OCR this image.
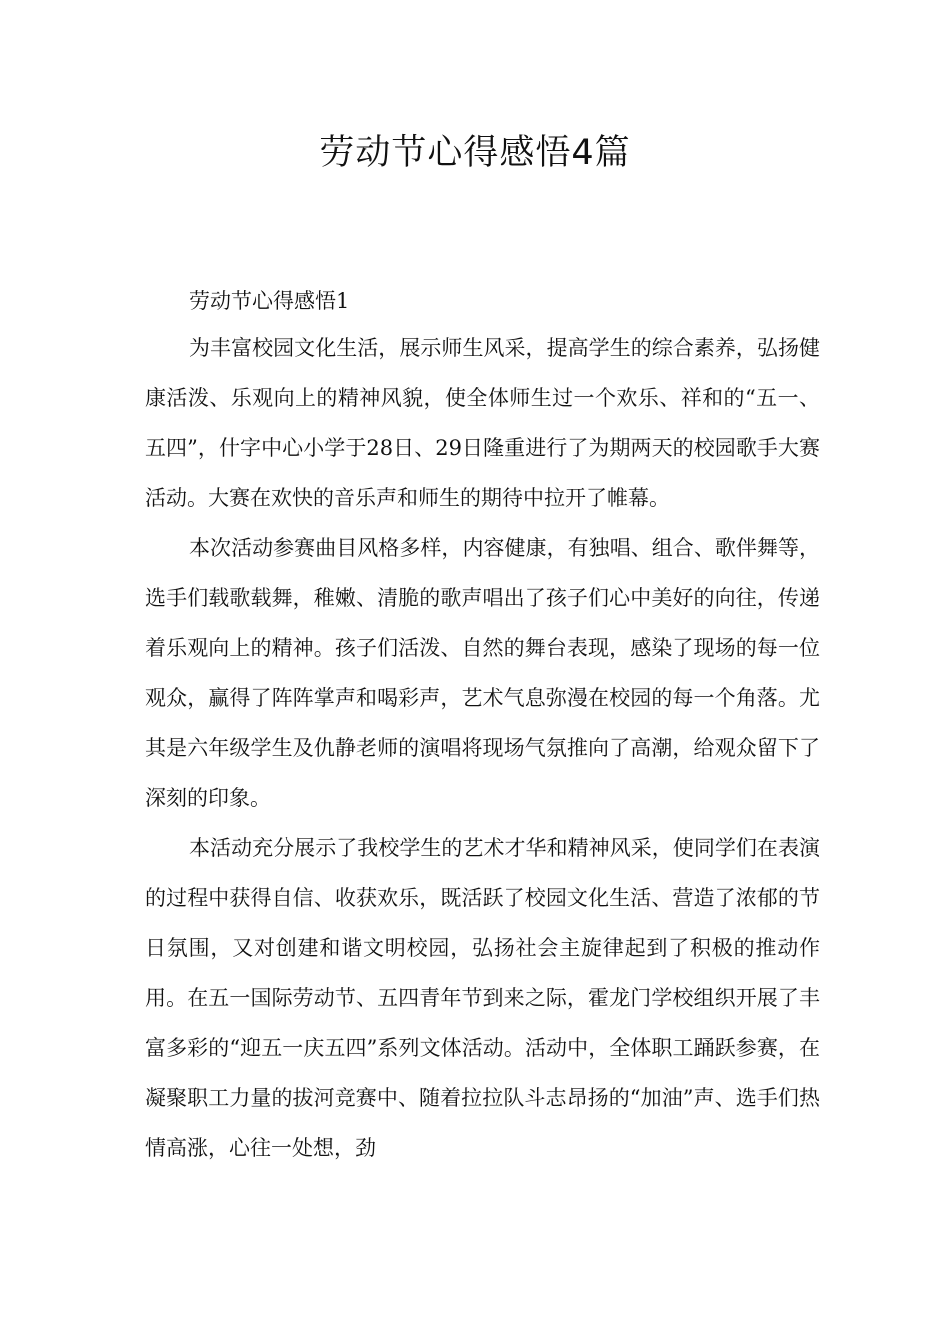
劳动节心得感悟4篇
劳动节心得感悟1

为丰富校园文化生活，展示师生风采，提高学生的综合素养，弘扬健康活泼、乐观向上的精神风貌，使全体师生过一个欢乐、祥和的“五一、五四”，什字中心小学于28日、29日隆重进行了为期两天的校园歌手大赛活动。大赛在欢快的音乐声和师生的期待中拉开了帷幕。

本次活动参赛曲目风格多样，内容健康，有独唱、组合、歌伴舞等，选手们载歌载舞，稚嫩、清脆的歌声唱出了孩子们心中美好的向往，传递着乐观向上的精神。孩子们活泼、自然的舞台表现，感染了现场的每一位观众，赢得了阵阵掌声和喝彩声，艺术气息弥漫在校园的每一个角落。尤其是六年级学生及仇静老师的演唱将现场气氛推向了高潮，给观众留下了深刻的印象。

本活动充分展示了我校学生的艺术才华和精神风采，使同学们在表演的过程中获得自信、收获欢乐，既活跃了校园文化生活、营造了浓郁的节日氛围，又对创建和谐文明校园，弘扬社会主旋律起到了积极的推动作用。在五一国际劳动节、五四青年节到来之际，霍龙门学校组织开展了丰富多彩的“迎五一庆五四”系列文体活动。活动中，全体职工踊跃参赛，在凝聚职工力量的拔河竞赛中、随着拉拉队斗志昂扬的“加油”声、选手们热情高涨，心往一处想，劲
